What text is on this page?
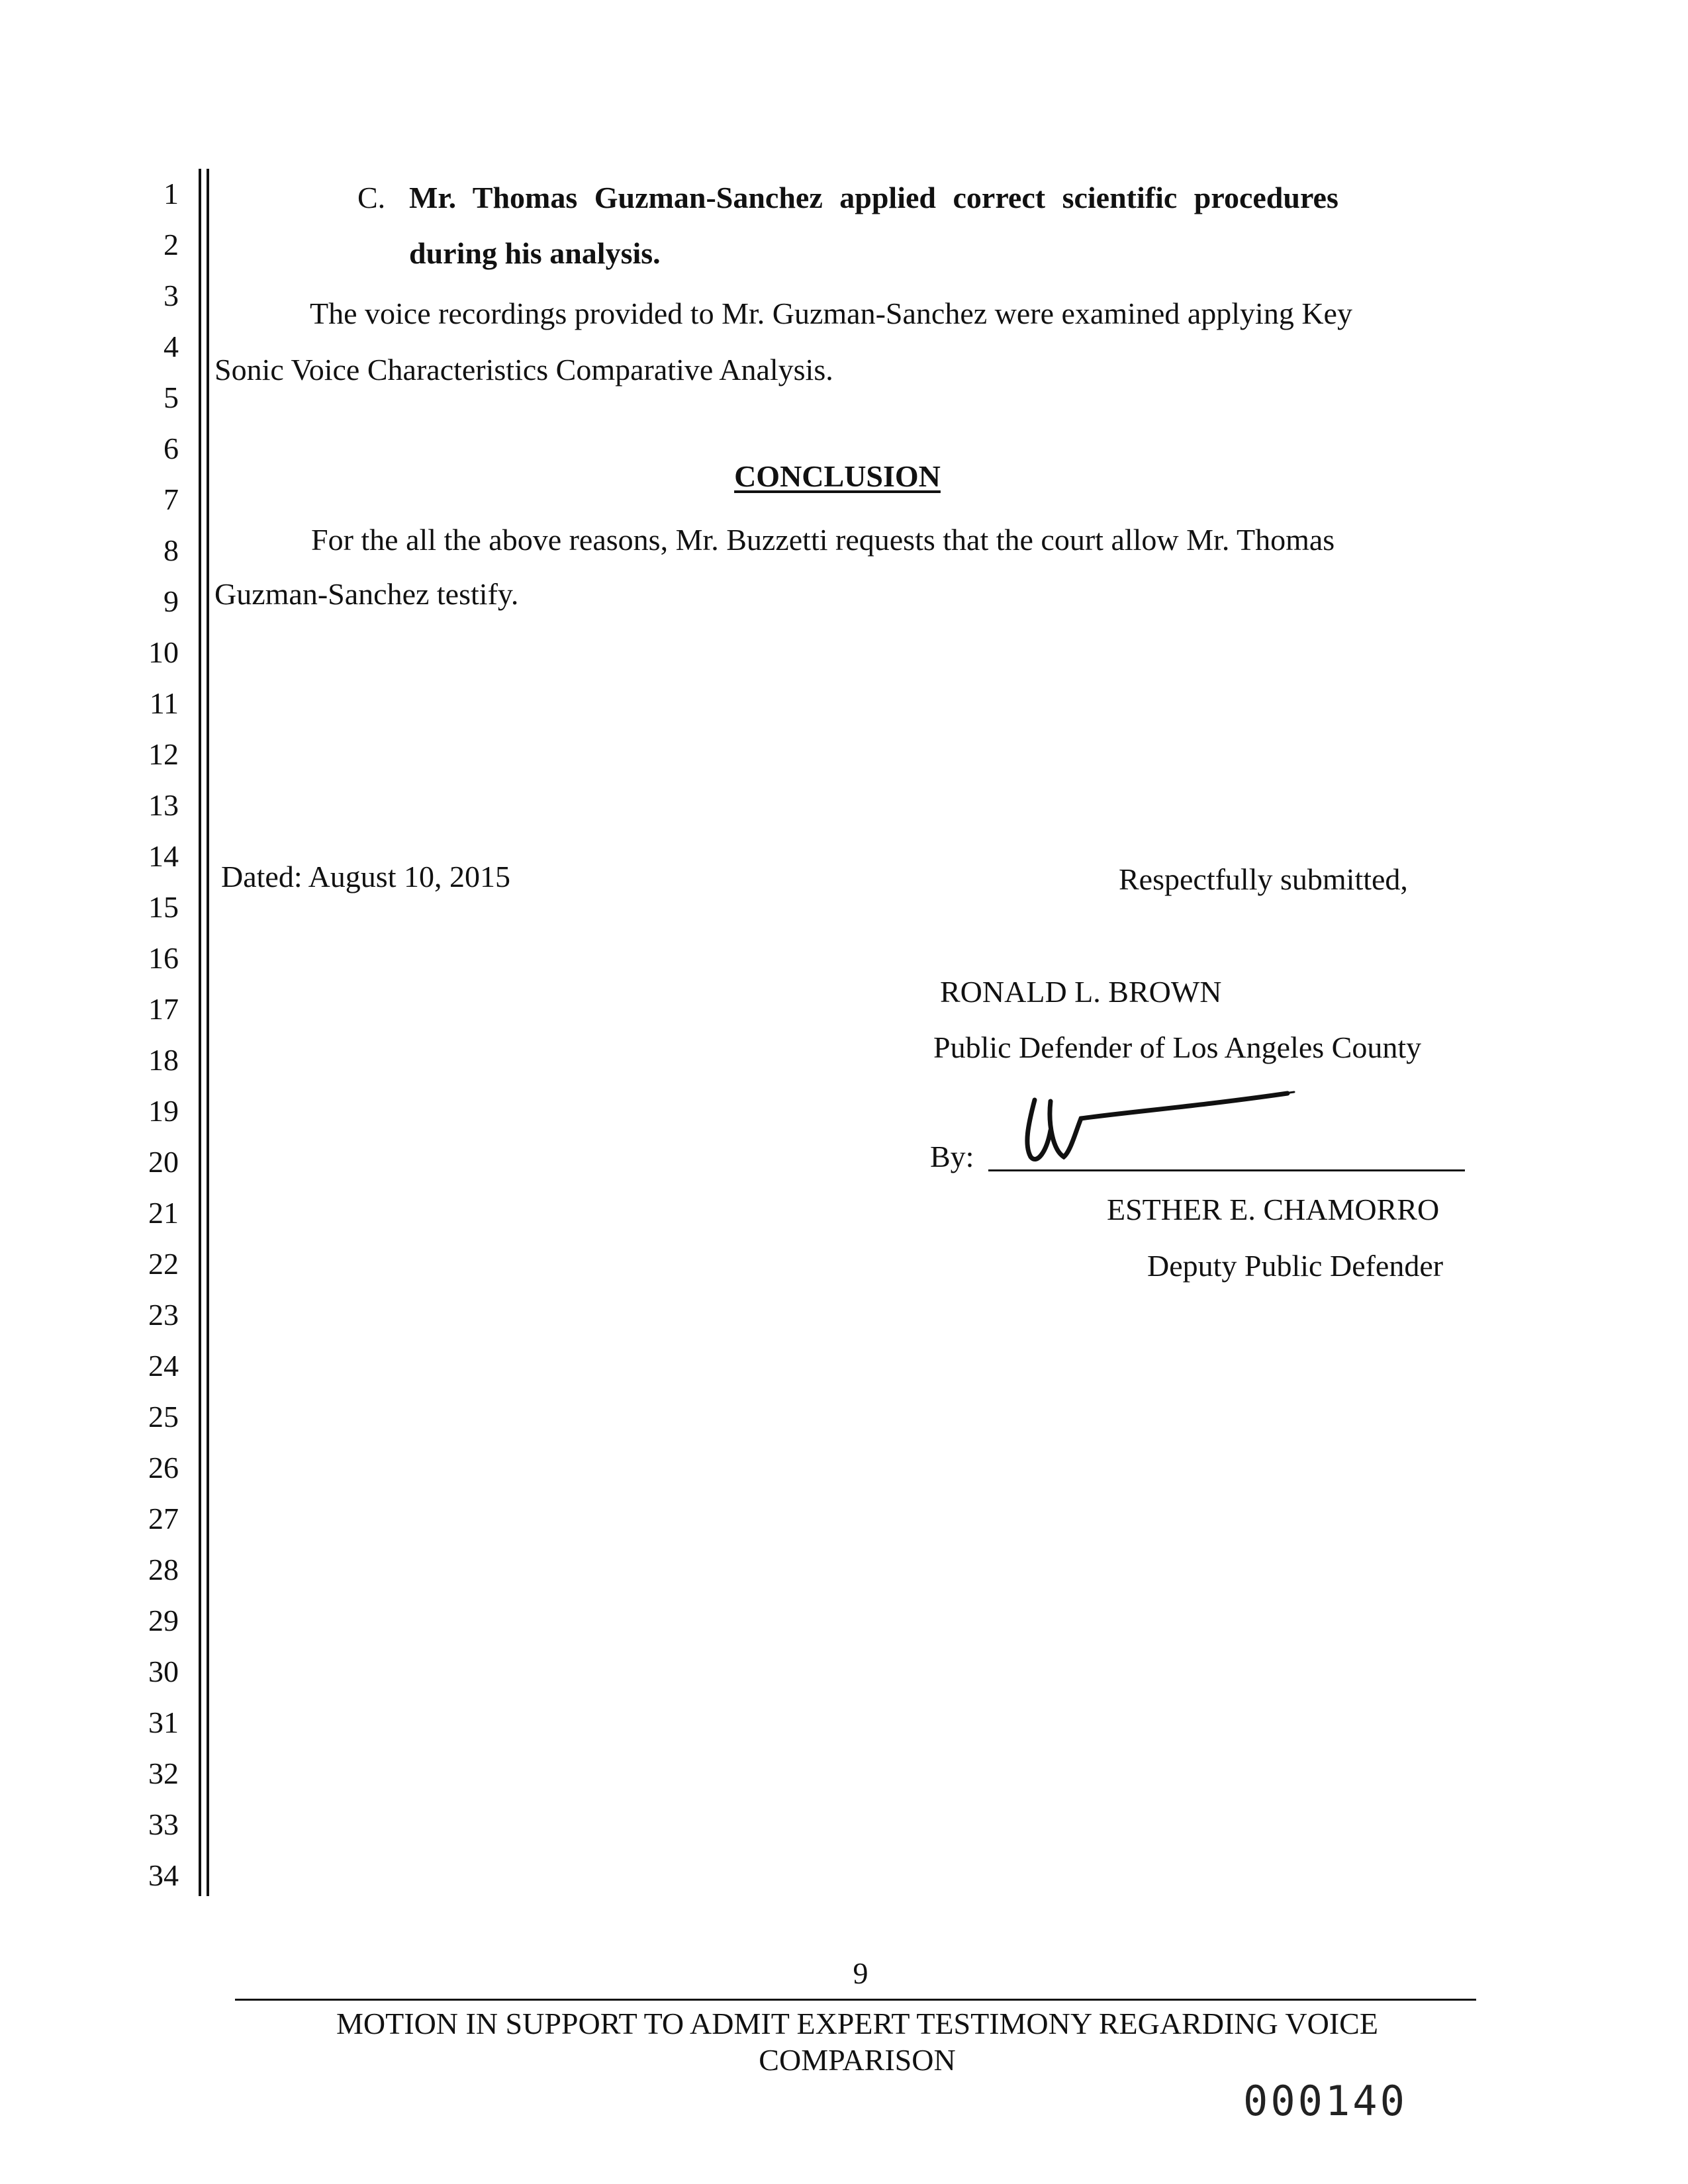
1
2
3
4
5
6
7
8
9
10
11
12
13
14
15
16
17
18
19
20
21
22
23
24
25
26
27
28
29
30
31
32
33
34
C. Mr. Thomas Guzman-Sanchez applied correct scientific procedures
during his analysis.
The voice recordings provided to Mr. Guzman-Sanchez were examined applying Key
Sonic Voice Characteristics Comparative Analysis.
CONCLUSION
For the all the above reasons, Mr. Buzzetti requests that the court allow Mr. Thomas
Guzman-Sanchez testify.
Dated: August 10, 2015	Respectfully submitted,
RONALD L. BROWN
Public Defender of Los Angeles County
By:
ESTHER E. CHAMORRO
Deputy Public Defender
9
MOTION IN SUPPORT TO ADMIT EXPERT TESTIMONY REGARDING VOICE
COMPARISON
000140
